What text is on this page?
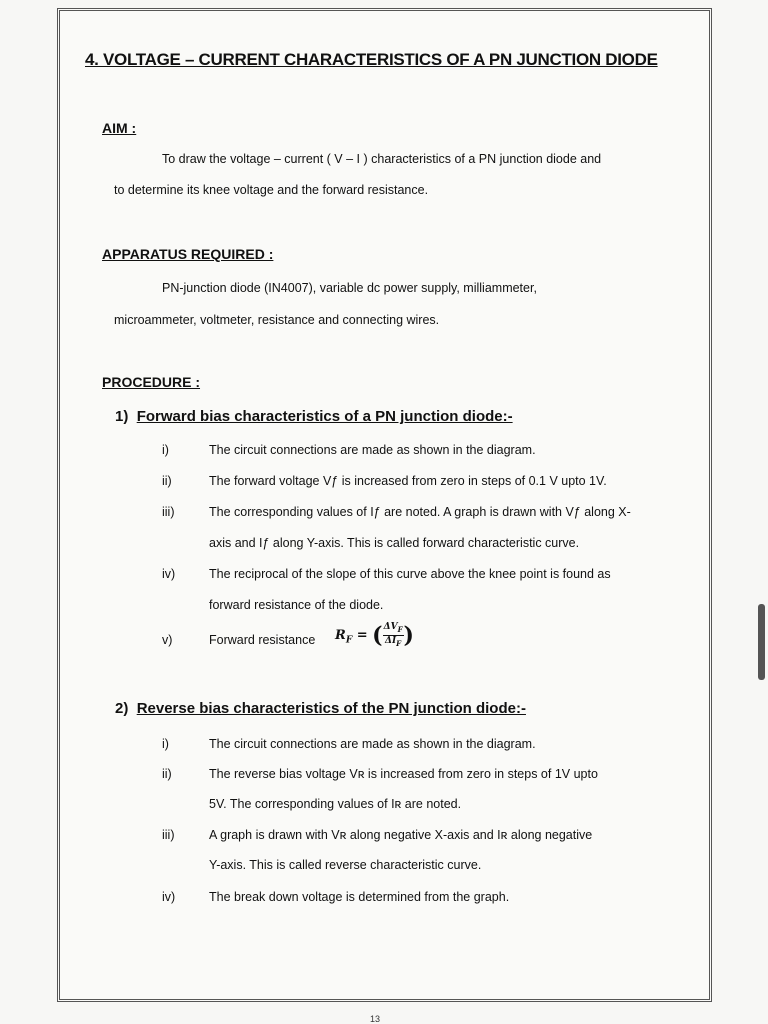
4. VOLTAGE – CURRENT CHARACTERISTICS OF A PN JUNCTION DIODE
AIM :
To draw the voltage – current ( V – I ) characteristics of a PN junction diode and
to determine its knee voltage and the forward resistance.
APPARATUS REQUIRED :
PN-junction diode (IN4007), variable dc power supply, milliammeter,
microammeter, voltmeter, resistance and connecting wires.
PROCEDURE :
1) Forward bias characteristics of a PN junction diode:-
i)	The circuit connections are made as shown in the diagram.
ii)	The forward voltage Vƒ is increased from zero in steps of 0.1 V upto 1V.
iii)	The corresponding values of Iƒ are noted. A graph is drawn with Vƒ along X-
axis and Iƒ along Y-axis. This is called forward characteristic curve.
iv)	The reciprocal of the slope of this curve above the knee point is found as
forward resistance of the diode.
v)	Forward resistance $R_F$ = ( $\frac{\Delta V_F}{\Delta I_F}$ )
2) Reverse bias characteristics of the PN junction diode:-
i)	The circuit connections are made as shown in the diagram.
ii)	The reverse bias voltage Vʀ is increased from zero in steps of 1V upto
5V. The corresponding values of Iʀ are noted.
iii)	A graph is drawn with Vʀ along negative X-axis and Iʀ along negative
Y-axis. This is called reverse characteristic curve.
iv)	The break down voltage is determined from the graph.
13
